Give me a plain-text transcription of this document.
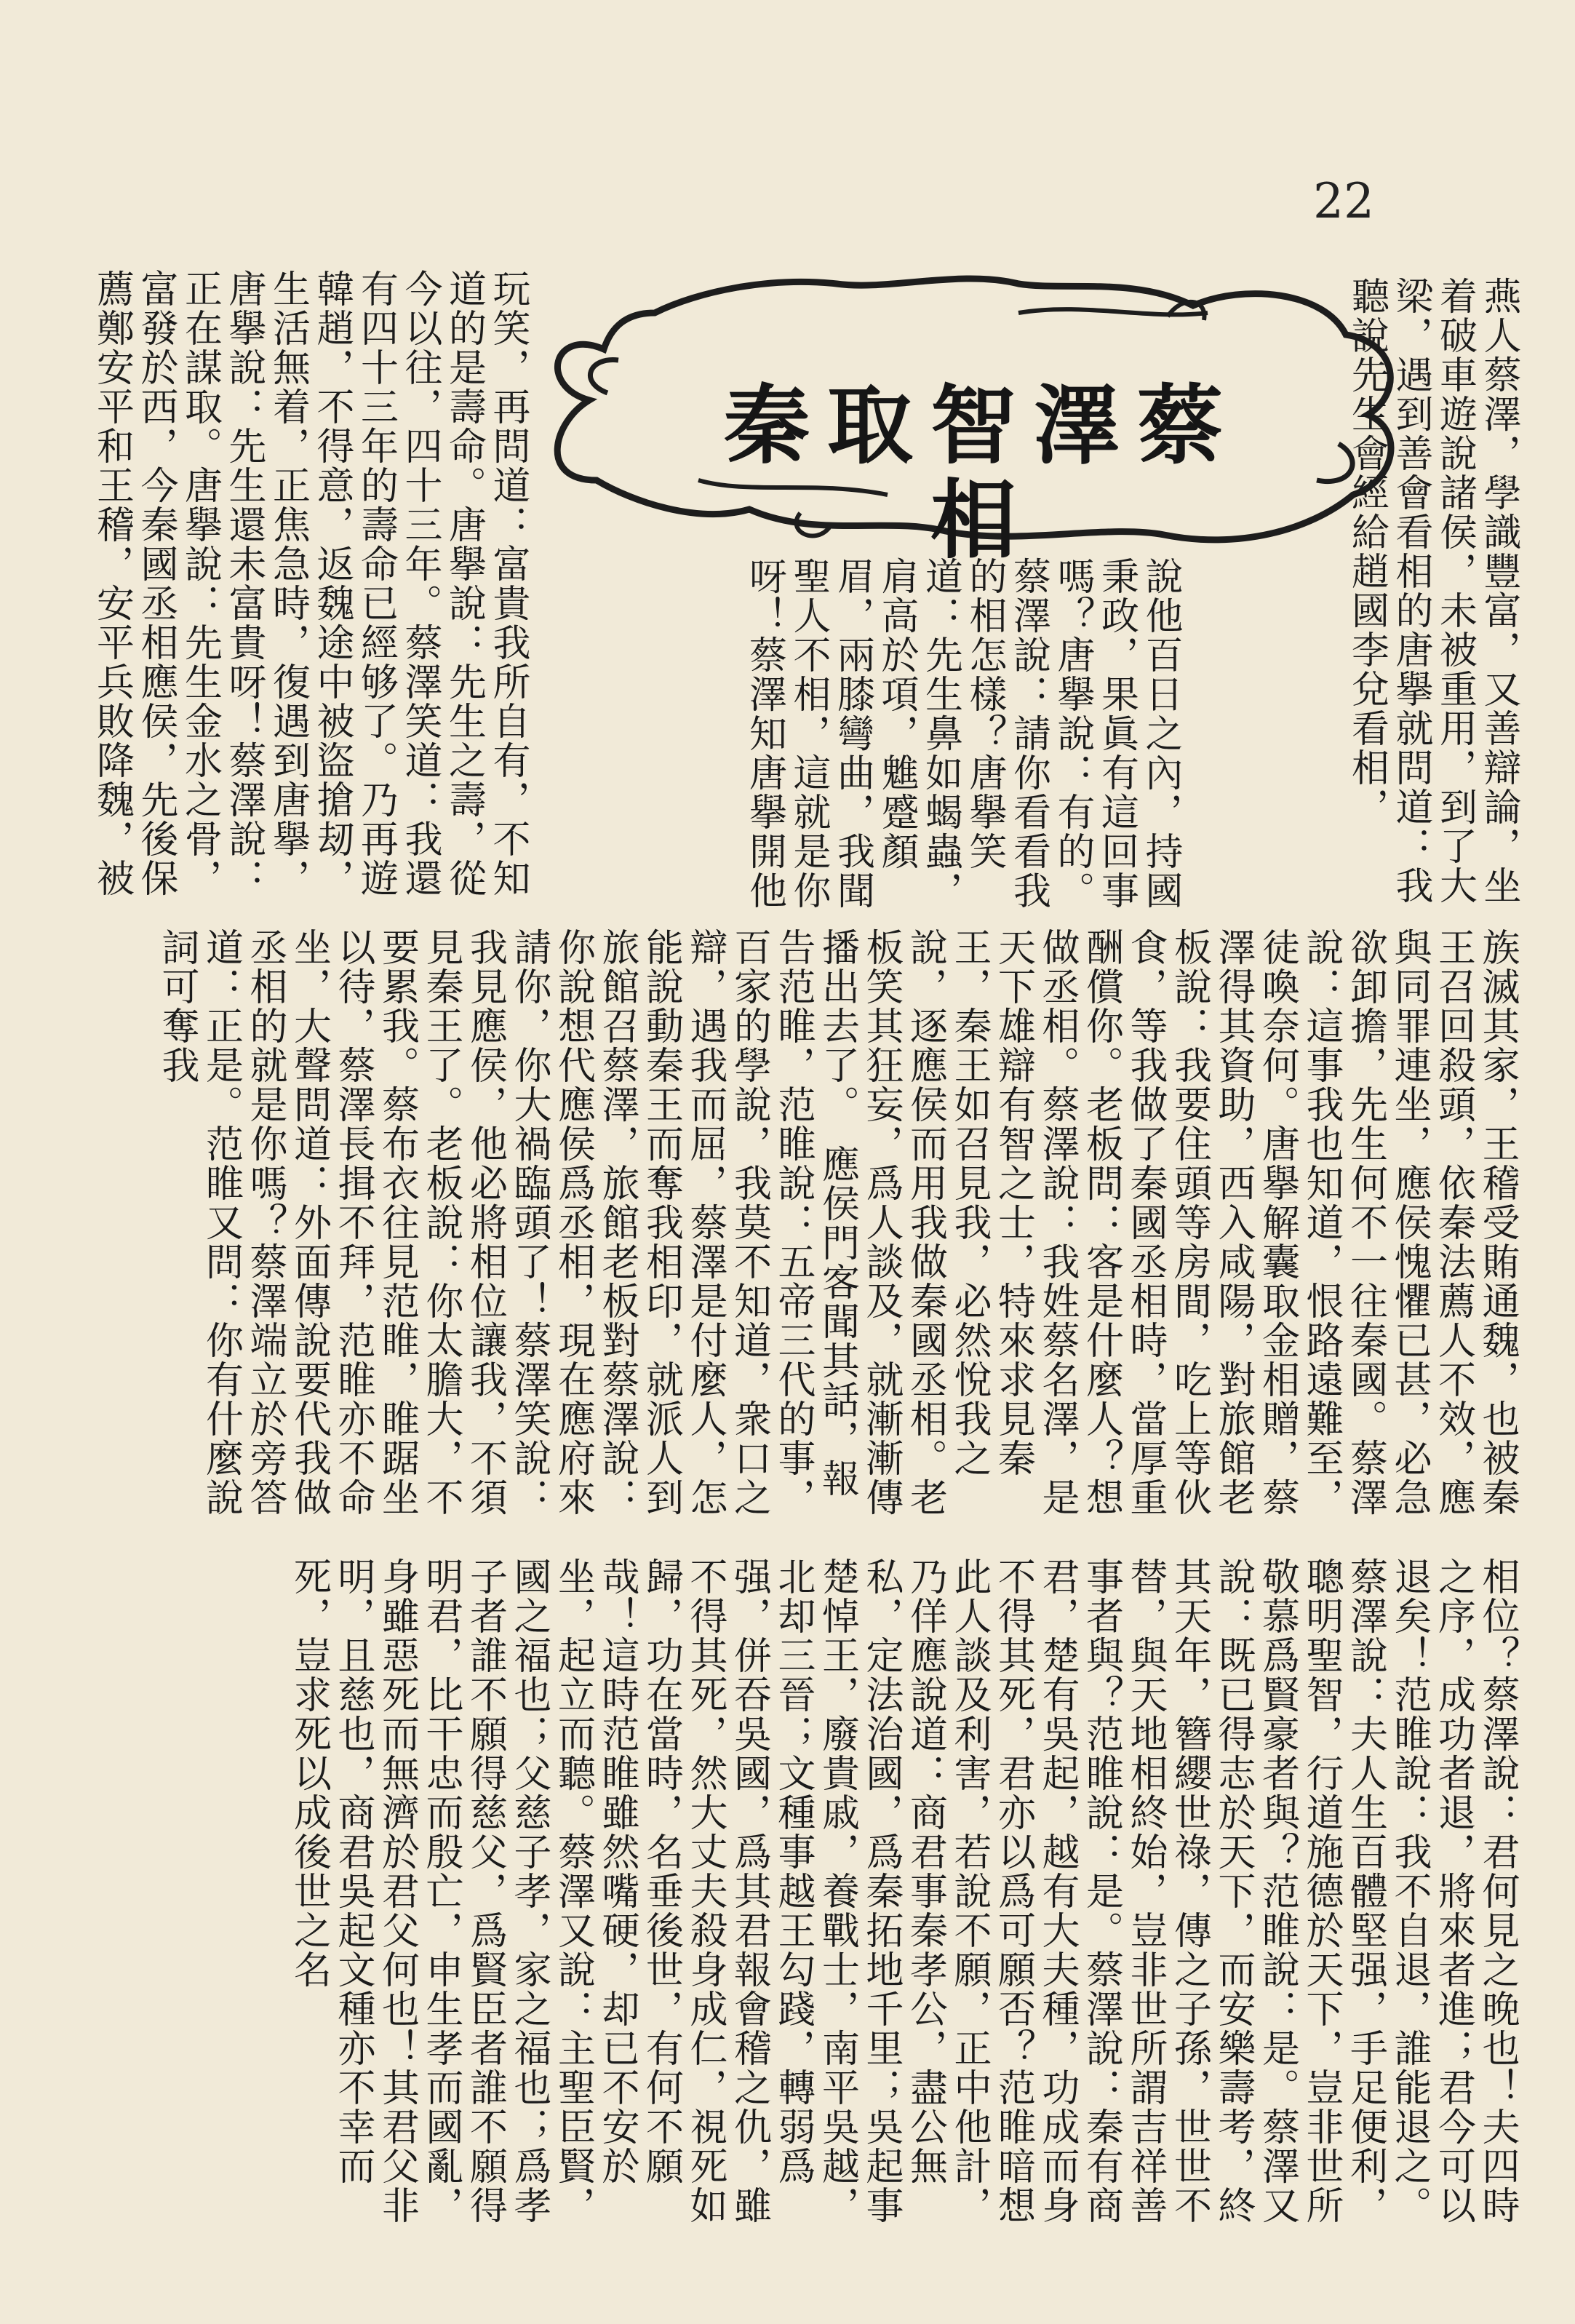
22
蔡澤智取秦相	燕人蔡澤，學識豐富，又善辯論，坐着破車遊說諸侯，未被重用，到了大梁，遇到善會看相的唐擧就問道：我聽說先生會經給趙國李兌看相，
說他百日之內，持國秉政，果眞有這回事嗎？唐擧說：有的。蔡澤說：請你看看我的相怎樣？唐擧笑道：先生鼻如蝎蟲，肩高於項，魋蹙顏眉，兩膝彎曲，我聞聖人不相，這就是你呀！蔡澤知唐擧開他
玩笑，再問道：富貴我所自有，不知道的是壽命。唐擧說：先生之壽，從今以往，四十三年。蔡澤笑道：我還有四十三年的壽命已經够了。乃再遊韓趙，不得意，返魏途中被盜搶刼，生活無着，正焦急時，復遇到唐擧，唐擧說：先生還未富貴呀！蔡澤說：正在謀取。唐擧說：先生金水之骨，富發於西，今秦國丞相應侯，先後保薦鄭安平和王稽，安平兵敗降魏，被
族滅其家，王稽受賄通魏，也被秦王召回殺頭，依秦法薦人不效，應與同罪連坐，應侯愧懼已甚，必急欲卸擔，先生何不一往秦國。蔡澤說：這事我也知道，恨路遠難至，徒喚奈何。唐擧解囊取金相贈，蔡澤得其資助，西入咸陽，對旅館老板說：我要住頭等房間，吃上等伙食，等我做了秦國丞相時，當厚重酬償你。老板問：客是什麼人？想做丞相。蔡澤說：我姓蔡名澤，是天下雄辯有智之士，特來求見秦王，秦王如召見我，必然悅我之說，逐應侯而用我做秦國丞相。老板笑其狂妄，爲人談及，就漸漸傳播出去了。　應侯門客聞其話，報告范睢，范睢說：五帝三代的事，百家的學說，我莫不知道，衆口之辯，遇我而屈，蔡澤是付麼人，怎能說動秦王而奪我相印，就派人到旅館召蔡澤，旅館老板對蔡澤說：你說想代應侯爲丞相，現在應府來請你，你大禍臨頭了！蔡澤笑說：我見應侯，他必將相位讓我，不須見秦王了。老板說：你太膽大，不要累我。蔡布衣往見范睢，睢踞坐以待，蔡澤長揖不拜，范睢亦不命坐，大聲問道：外面傳說要代我做丞相的就是你嗎？蔡澤端立於旁答道：正是。范睢又問：你有什麼說詞可奪我
相位？蔡澤說：君何見之晚也！夫四時之序，成功者退，將來者進；君今可以退矣！范睢說：我不自退，誰能退之。蔡澤說：夫人生百體堅强，手足便利，聰明聖智，行道施德於天下，豈非世所敬慕爲賢豪者與？范睢說：是。蔡澤又說：既已得志於天下，而安樂壽考，終其天年，簪纓世祿，傳之子孫，世世不替，與天地相終始，豈非世所謂吉祥善事者與？范睢說：是。蔡澤說：秦有商君，楚有吳起，越有大夫種，功成而身不得其死，君亦以爲可願否？范睢暗想此人談及利害，若說不願，正中他計，乃佯應說道：商君事秦孝公，盡公無私，定法治國，爲秦拓地千里；吳起事楚悼王，廢貴戚，養戰士，南平吳越，北却三晉；文種事越王勾踐，轉弱爲强，併吞吳國，爲其君報會稽之仇，雖不得其死，然大丈夫殺身成仁，視死如歸，功在當時，名垂後世，有何不願哉！這時范睢雖然嘴硬，却已不安於坐，起立而聽。蔡澤又說：主聖臣賢，國之福也；父慈子孝，家之福也；爲孝子者誰不願得慈父，爲賢臣者誰不願得明君，比干忠而殷亡，申生孝而國亂，身雖惡死而無濟於君父何也！其君父非明，且慈也，商君吳起文種亦不幸而死，豈求死以成後世之名
